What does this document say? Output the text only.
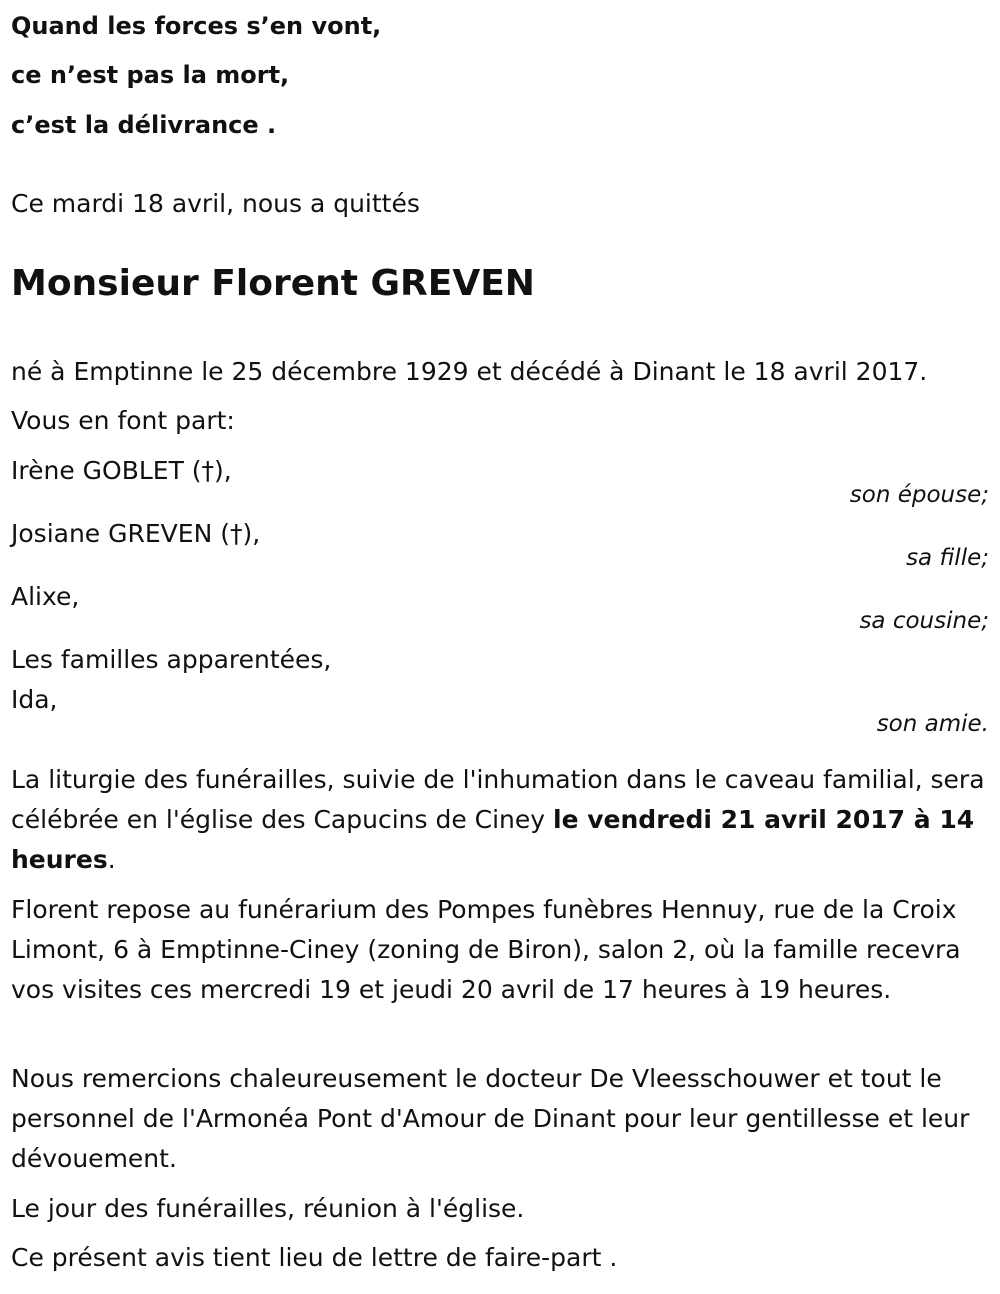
Quand les forces s’en vont,
ce n’est pas la mort,
c’est la délivrance .
Ce mardi 18 avril, nous a quittés
Monsieur Florent GREVEN
né à Emptinne le 25 décembre 1929 et décédé à Dinant le 18 avril 2017.
Vous en font part:
Irène GOBLET (†),
son épouse;
Josiane GREVEN (†),
sa fille;
Alixe,
sa cousine;
Les familles apparentées,
Ida,
son amie.
La liturgie des funérailles, suivie de l'inhumation dans le caveau familial, sera célébrée en l'église des Capucins de Ciney le vendredi 21 avril 2017 à 14 heures.
Florent repose au funérarium des Pompes funèbres Hennuy, rue de la Croix Limont, 6 à Emptinne-Ciney (zoning de Biron), salon 2, où la famille recevra vos visites ces mercredi 19 et jeudi 20 avril de 17 heures à 19 heures.
Nous remercions chaleureusement le docteur De Vleesschouwer et tout le personnel de l'Armonéa Pont d'Amour de Dinant pour leur gentillesse et leur dévouement.
Le jour des funérailles, réunion à l'église.
Ce présent avis tient lieu de lettre de faire-part .
